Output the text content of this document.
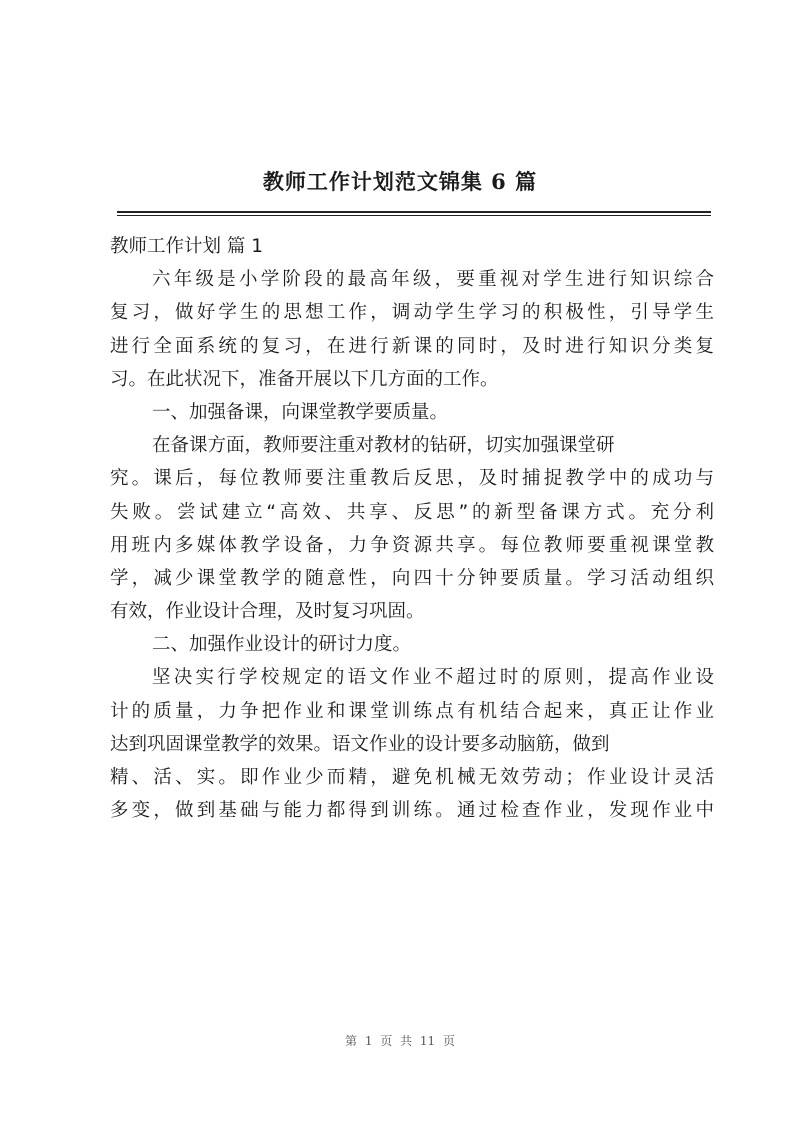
教师工作计划范文锦集 6 篇
教师工作计划 篇 1
六年级是小学阶段的最高年级，要重视对学生进行知识综合
复习，做好学生的思想工作，调动学生学习的积极性，引导学生
进行全面系统的复习，在进行新课的同时，及时进行知识分类复
习。在此状况下，准备开展以下几方面的工作。
一、加强备课，向课堂教学要质量。
在备课方面，教师要注重对教材的钻研，切实加强课堂研
究。课后，每位教师要注重教后反思，及时捕捉教学中的成功与
失败。尝试建立“高效、共享、反思”的新型备课方式。充分利
用班内多媒体教学设备，力争资源共享。每位教师要重视课堂教
学，减少课堂教学的随意性，向四十分钟要质量。学习活动组织
有效，作业设计合理，及时复习巩固。
二、加强作业设计的研讨力度。
坚决实行学校规定的语文作业不超过时的原则，提高作业设
计的质量，力争把作业和课堂训练点有机结合起来，真正让作业
达到巩固课堂教学的效果。语文作业的设计要多动脑筋，做到
精、活、实。即作业少而精，避免机械无效劳动；作业设计灵活
多变，做到基础与能力都得到训练。通过检查作业，发现作业中
第 1 页 共 11 页
